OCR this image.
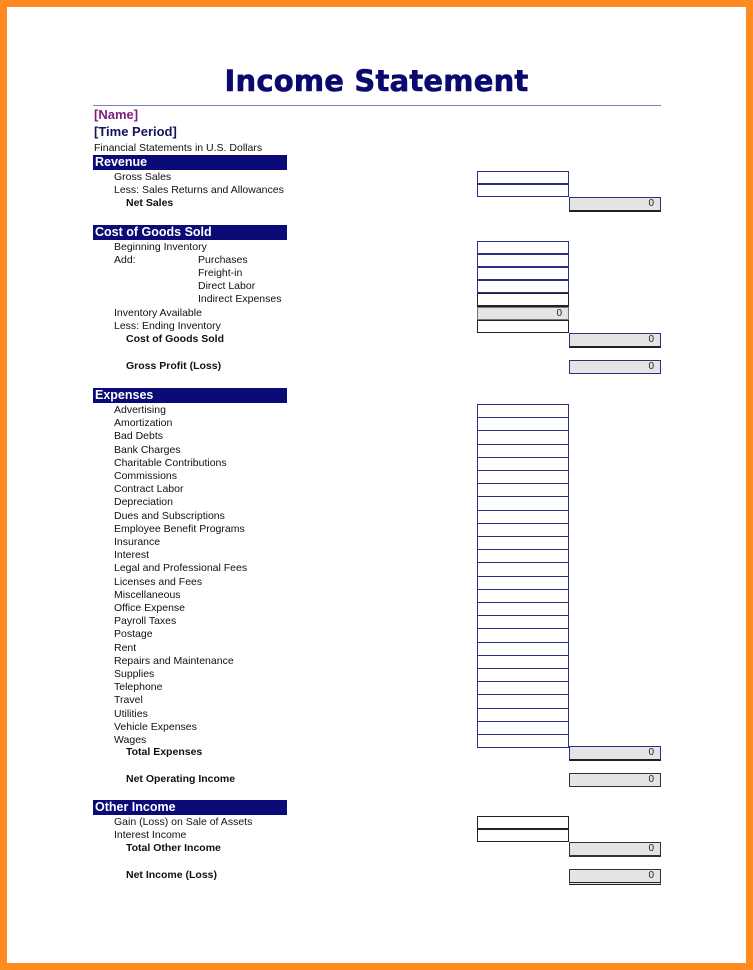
Income Statement
[Name]
[Time Period]
Financial Statements in U.S. Dollars
Revenue
Gross Sales
Less: Sales Returns and Allowances
Net Sales	0
Cost of Goods Sold
Beginning Inventory
Add:	Purchases
Freight-in
Direct Labor
Indirect Expenses
Inventory Available	0
Less: Ending Inventory
Cost of Goods Sold	0
Gross Profit (Loss)	0
Expenses
Advertising
Amortization
Bad Debts
Bank Charges
Charitable Contributions
Commissions
Contract Labor
Depreciation
Dues and Subscriptions
Employee Benefit Programs
Insurance
Interest
Legal and Professional Fees
Licenses and Fees
Miscellaneous
Office Expense
Payroll Taxes
Postage
Rent
Repairs and Maintenance
Supplies
Telephone
Travel
Utilities
Vehicle Expenses
Wages
Total Expenses	0
Net Operating Income	0
Other Income
Gain (Loss) on Sale of Assets
Interest Income
Total Other Income	0
Net Income (Loss)	0
